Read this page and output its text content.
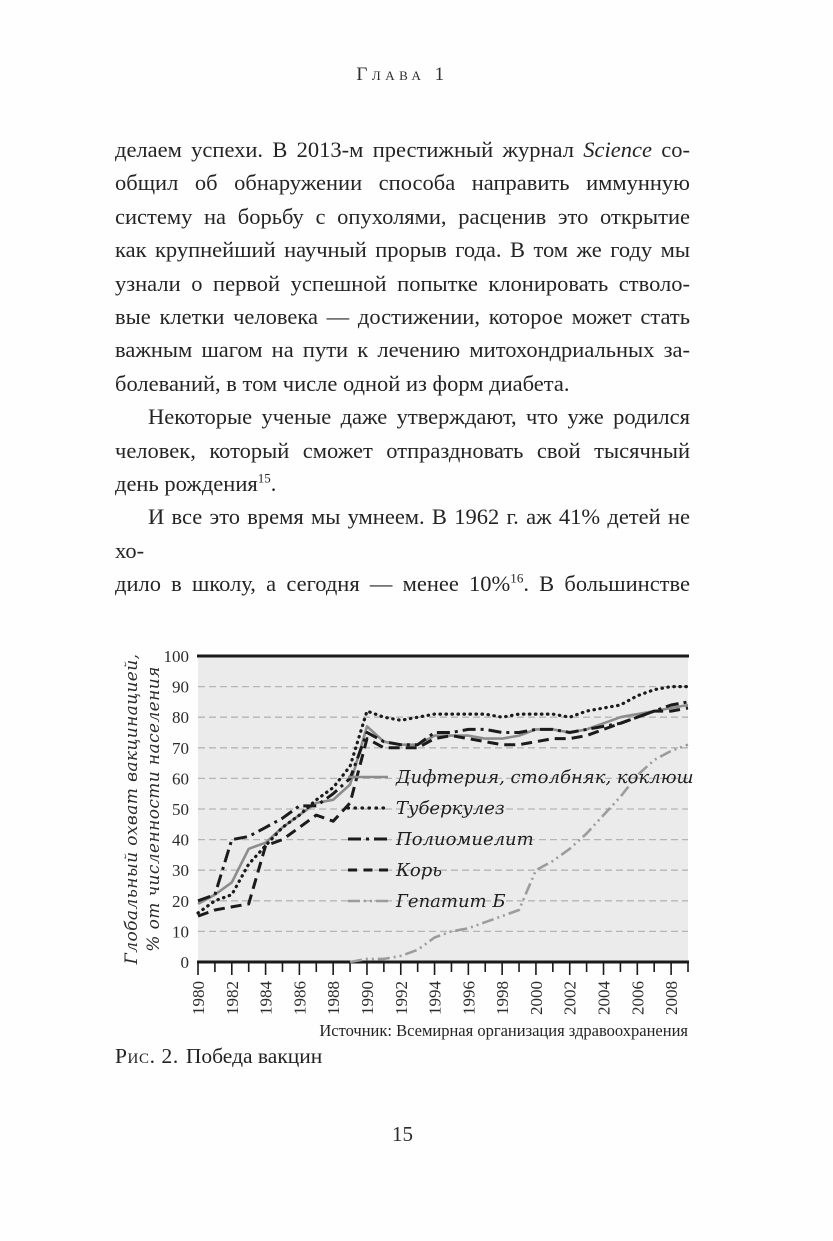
Глава 1
делаем успехи. В 2013-м престижный журнал Science со-
общил об обнаружении способа направить иммунную
систему на борьбу с опухолями, расценив это открытие
как крупнейший научный прорыв года. В том же году мы
узнали о первой успешной попытке клонировать стволо-
вые клетки человека — достижении, которое может стать
важным шагом на пути к лечению митохондриальных за-
болеваний, в том числе одной из форм диабета.
Некоторые ученые даже утверждают, что уже родился
человек, который сможет отпраздновать свой тысячный
день рождения$^{15}$.
И все это время мы умнеем. В 1962 г. аж 41% детей не хо-
дило в школу, а сегодня — менее 10%$^{16}$. В большинстве
0
10
20
30
40
50
60
70
80
90
100
1980 1982 1984 1986 1988 1990 1992 1994 1996 1998 2000 2002 2004 2006 2008
Глобальный охват вакцинацией, % от численности населения	Дифтерия, столбняк, коклюш
Туберкулез
Полиомиелит
Корь
Гепатит Б
Источник: Всемирная организация здравоохранения
Рис. 2. Победа вакцин
15
